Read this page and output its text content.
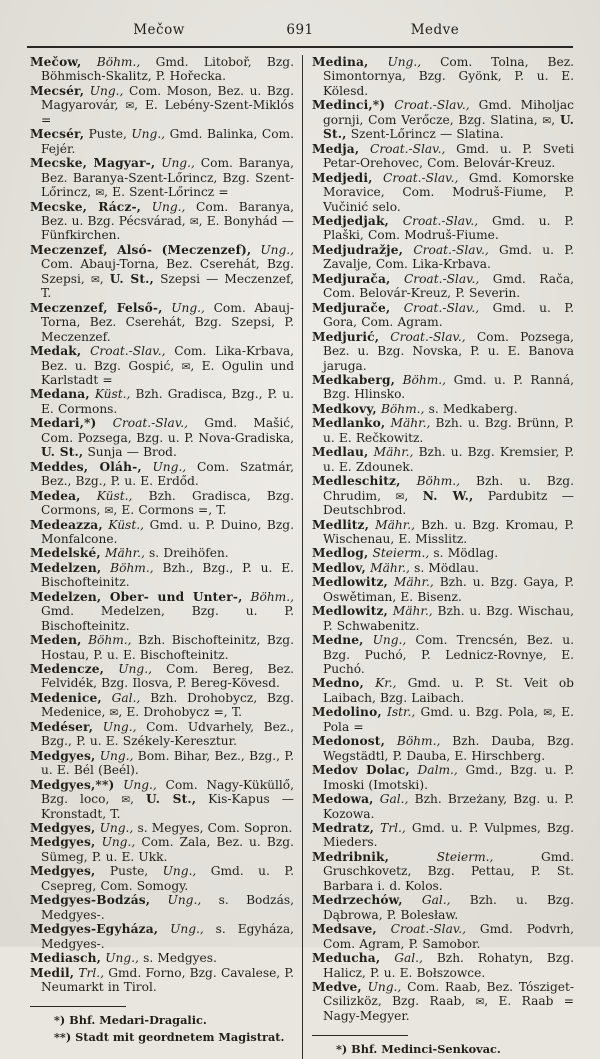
Mečow	691	Medve

Mečow, Böhm., Gmd. Litoboř, Bzg. Böhmisch-Skalitz, P. Hořecka.

Mecsér, Ung., Com. Moson, Bez. u. Bzg. Magyarovár, ✉, E. Lebény-Szent-Miklós =

Mecsér, Puste, Ung., Gmd. Balinka, Com. Fejér.

Mecske, Magyar-, Ung., Com. Baranya, Bez. Baranya-Szent-Lőrincz, Bzg. Szent-Lőrincz, ✉, E. Szent-Lőrincz =

Mecske, Rácz-, Ung., Com. Baranya, Bez. u. Bzg. Pécsvárad, ✉, E. Bonyhád — Fünfkirchen.

Meczenzef, Alsó- (Meczenzef), Ung., Com. Abauj-Torna, Bez. Cserehát, Bzg. Szepsi, ✉, U. St., Szepsi — Meczenzef, T.

Meczenzef, Felső-, Ung., Com. Abauj-Torna, Bez. Cserehát, Bzg. Szepsi, P. Meczenzef.

Medak, Croat.-Slav., Com. Lika-Krbava, Bez. u. Bzg. Gospić, ✉, E. Ogulin und Karlstadt =

Medana, Küst., Bzh. Gradisca, Bzg., P. u. E. Cormons.

Medari,*) Croat.-Slav., Gmd. Mašić, Com. Pozsega, Bzg. u. P. Nova-Gradiska, U. St., Sunja — Brod.

Meddes, Oláh-, Ung., Com. Szatmár, Bez., Bzg., P. u. E. Erdőd.

Medea, Küst., Bzh. Gradisca, Bzg. Cormons, ✉, E. Cormons =, T.

Medeazza, Küst., Gmd. u. P. Duino, Bzg. Monfalcone.

Medelské, Mähr., s. Dreihöfen.

Medelzen, Böhm., Bzh., Bzg., P. u. E. Bischofteinitz.

Medelzen, Ober- und Unter-, Böhm., Gmd. Medelzen, Bzg. u. P. Bischofteinitz.

Meden, Böhm., Bzh. Bischofteinitz, Bzg. Hostau, P. u. E. Bischofteinitz.

Medencze, Ung., Com. Bereg, Bez. Felvidék, Bzg. Ilosva, P. Bereg-Kövesd.

Medenice, Gal., Bzh. Drohobycz, Bzg. Medenice, ✉, E. Drohobycz =, T.

Medéser, Ung., Com. Udvarhely, Bez., Bzg., P. u. E. Székely-Keresztur.

Medgyes, Ung., Bom. Bihar, Bez., Bzg., P. u. E. Bél (Beél).

Medgyes,**) Ung., Com. Nagy-Küküllő, Bzg. loco, ✉, U. St., Kis-Kapus — Kronstadt, T.

Medgyes, Ung., s. Megyes, Com. Sopron.

Medgyes, Ung., Com. Zala, Bez. u. Bzg. Sümeg, P. u. E. Ukk.

Medgyes, Puste, Ung., Gmd. u. P. Csepreg, Com. Somogy.

Medgyes-Bodzás, Ung., s. Bodzás, Medgyes-.

Medgyes-Egyháza, Ung., s. Egyháza, Medgyes-.

Mediasch, Ung., s. Medgyes.

Medil, Trl., Gmd. Forno, Bzg. Cavalese, P. Neumarkt in Tirol.

*) Bhf. Medari-Dragalic.

**) Stadt mit geordnetem Magistrat.

Medina, Ung., Com. Tolna, Bez. Simontornya, Bzg. Gyönk, P. u. E. Kölesd.

Medinci,*) Croat.-Slav., Gmd. Miholjac gornji, Com Verőcze, Bzg. Slatina, ✉, U. St., Szent-Lőrincz — Slatina.

Medja, Croat.-Slav., Gmd. u. P. Sveti Petar-Orehovec, Com. Belovár-Kreuz.

Medjedi, Croat.-Slav., Gmd. Komorske Moravice, Com. Modruš-Fiume, P. Vučinić selo.

Medjedjak, Croat.-Slav., Gmd. u. P. Plaški, Com. Modruš-Fiume.

Medjudražje, Croat.-Slav., Gmd. u. P. Zavalje, Com. Lika-Krbava.

Medjurača, Croat.-Slav., Gmd. Rača, Com. Belovár-Kreuz, P. Severin.

Medjurače, Croat.-Slav., Gmd. u. P. Gora, Com. Agram.

Medjurić, Croat.-Slav., Com. Pozsega, Bez. u. Bzg. Novska, P. u. E. Banova jaruga.

Medkaberg, Böhm., Gmd. u. P. Ranná, Bzg. Hlinsko.

Medkovy, Böhm., s. Medkaberg.

Medlanko, Mähr., Bzh. u. Bzg. Brünn, P. u. E. Rečkowitz.

Medlau, Mähr., Bzh. u. Bzg. Kremsier, P. u. E. Zdounek.

Medleschitz, Böhm., Bzh. u. Bzg. Chrudim, ✉, N. W., Pardubitz — Deutschbrod.

Medlitz, Mähr., Bzh. u. Bzg. Kromau, P. Wischenau, E. Misslitz.

Medlog, Steierm., s. Mödlag.

Medlov, Mähr., s. Mödlau.

Medlowitz, Mähr., Bzh. u. Bzg. Gaya, P. Oswětiman, E. Bisenz.

Medlowitz, Mähr., Bzh. u. Bzg. Wischau, P. Schwabenitz.

Medne, Ung., Com. Trencsén, Bez. u. Bzg. Puchó, P. Lednicz-Rovnye, E. Puchó.

Medno, Kr., Gmd. u. P. St. Veit ob Laibach, Bzg. Laibach.

Medolino, Istr., Gmd. u. Bzg. Pola, ✉, E. Pola =

Medonost, Böhm., Bzh. Dauba, Bzg. Wegstädtl, P. Dauba, E. Hirschberg.

Medov Dolac, Dalm., Gmd., Bzg. u. P. Imoski (Imotski).

Medowa, Gal., Bzh. Brzeżany, Bzg. u. P. Kozowa.

Medratz, Trl., Gmd. u. P. Vulpmes, Bzg. Mieders.

Medribnik,	Steierm.,	Gmd. Gruschkovetz, Bzg. Pettau, P. St. Barbara i. d. Kolos.

Medrzechów, Gal., Bzh. u. Bzg. Dąbrowa, P. Bolesław.

Medsave, Croat.-Slav., Gmd. Podvrh, Com. Agram, P. Samobor.

Meducha, Gal., Bzh. Rohatyn, Bzg. Halicz, P. u. E. Bołszowce.

Medve, Ung., Com. Raab, Bez. Tósziget-Csilizköz, Bzg. Raab, ✉, E. Raab = Nagy-Megyer.

*) Bhf. Medinci-Senkovac.
